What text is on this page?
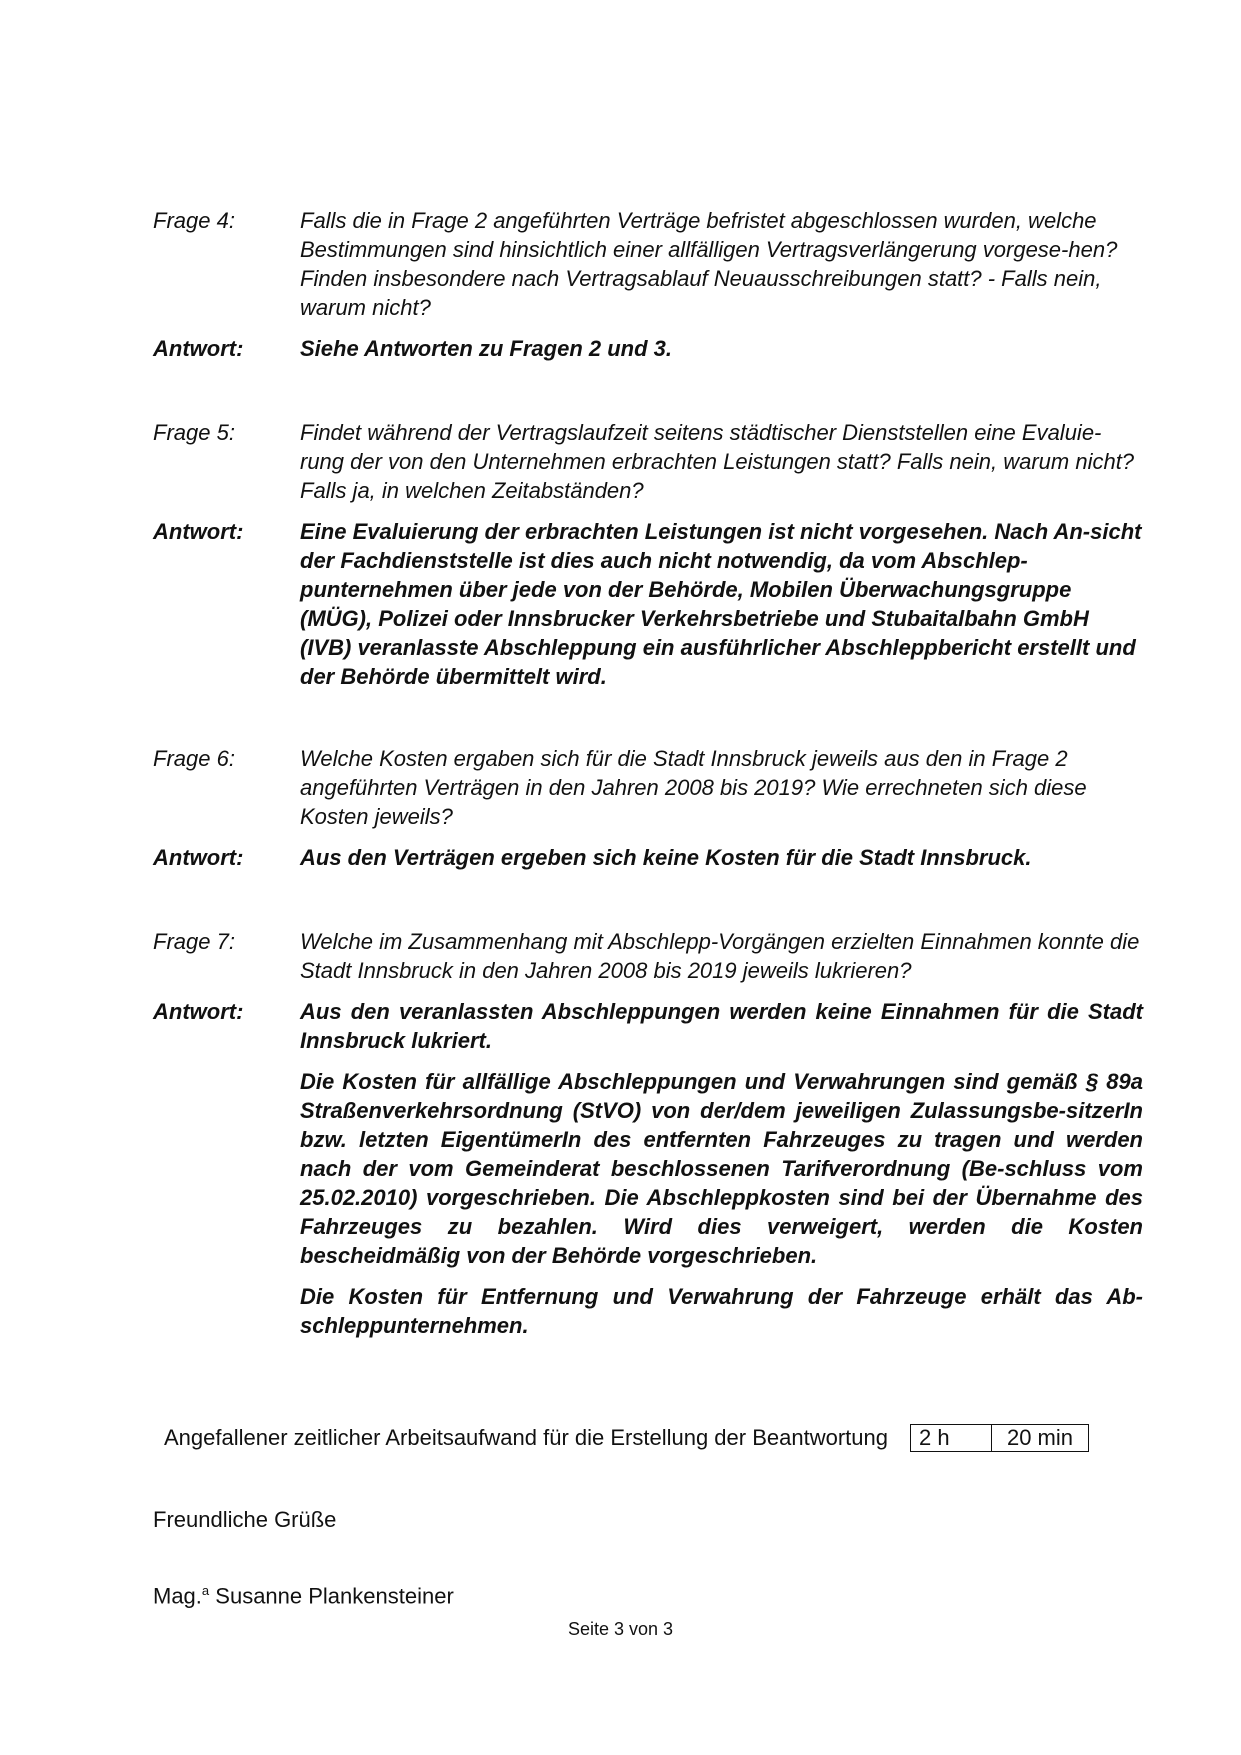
Frage 4:	Falls die in Frage 2 angeführten Verträge befristet abgeschlossen wurden, welche Bestimmungen sind hinsichtlich einer allfälligen Vertragsverlängerung vorgese-hen? Finden insbesondere nach Vertragsablauf Neuausschreibungen statt? - Falls nein, warum nicht?
Antwort:	Siehe Antworten zu Fragen 2 und 3.

Frage 5:	Findet während der Vertragslaufzeit seitens städtischer Dienststellen eine Evaluie-rung der von den Unternehmen erbrachten Leistungen statt? Falls nein, warum nicht? Falls ja, in welchen Zeitabständen?
Antwort:	Eine Evaluierung der erbrachten Leistungen ist nicht vorgesehen. Nach An-sicht der Fachdienststelle ist dies auch nicht notwendig, da vom Abschlep-punternehmen über jede von der Behörde, Mobilen Überwachungsgruppe (MÜG), Polizei oder Innsbrucker Verkehrsbetriebe und Stubaitalbahn GmbH (IVB) veranlasste Abschleppung ein ausführlicher Abschleppbericht erstellt und der Behörde übermittelt wird.

Frage 6:	Welche Kosten ergaben sich für die Stadt Innsbruck jeweils aus den in Frage 2 angeführten Verträgen in den Jahren 2008 bis 2019? Wie errechneten sich diese Kosten jeweils?
Antwort:	Aus den Verträgen ergeben sich keine Kosten für die Stadt Innsbruck.

Frage 7:	Welche im Zusammenhang mit Abschlepp-Vorgängen erzielten Einnahmen konnte die Stadt Innsbruck in den Jahren 2008 bis 2019 jeweils lukrieren?
Antwort:	Aus den veranlassten Abschleppungen werden keine Einnahmen für die Stadt Innsbruck lukriert.

Die Kosten für allfällige Abschleppungen und Verwahrungen sind gemäß § 89a Straßenverkehrsordnung (StVO) von der/dem jeweiligen Zulassungsbe-sitzerIn bzw. letzten EigentümerIn des entfernten Fahrzeuges zu tragen und werden nach der vom Gemeinderat beschlossenen Tarifverordnung (Be-schluss vom 25.02.2010) vorgeschrieben. Die Abschleppkosten sind bei der Übernahme des Fahrzeuges zu bezahlen. Wird dies verweigert, werden die Kosten bescheidmäßig von der Behörde vorgeschrieben.

Die Kosten für Entfernung und Verwahrung der Fahrzeuge erhält das Ab-schleppunternehmen.

Angefallener zeitlicher Arbeitsaufwand für die Erstellung der Beantwortung	2 h	20 min
Freundliche Grüße
Mag.$^a$ Susanne Plankensteiner
Seite 3 von 3
